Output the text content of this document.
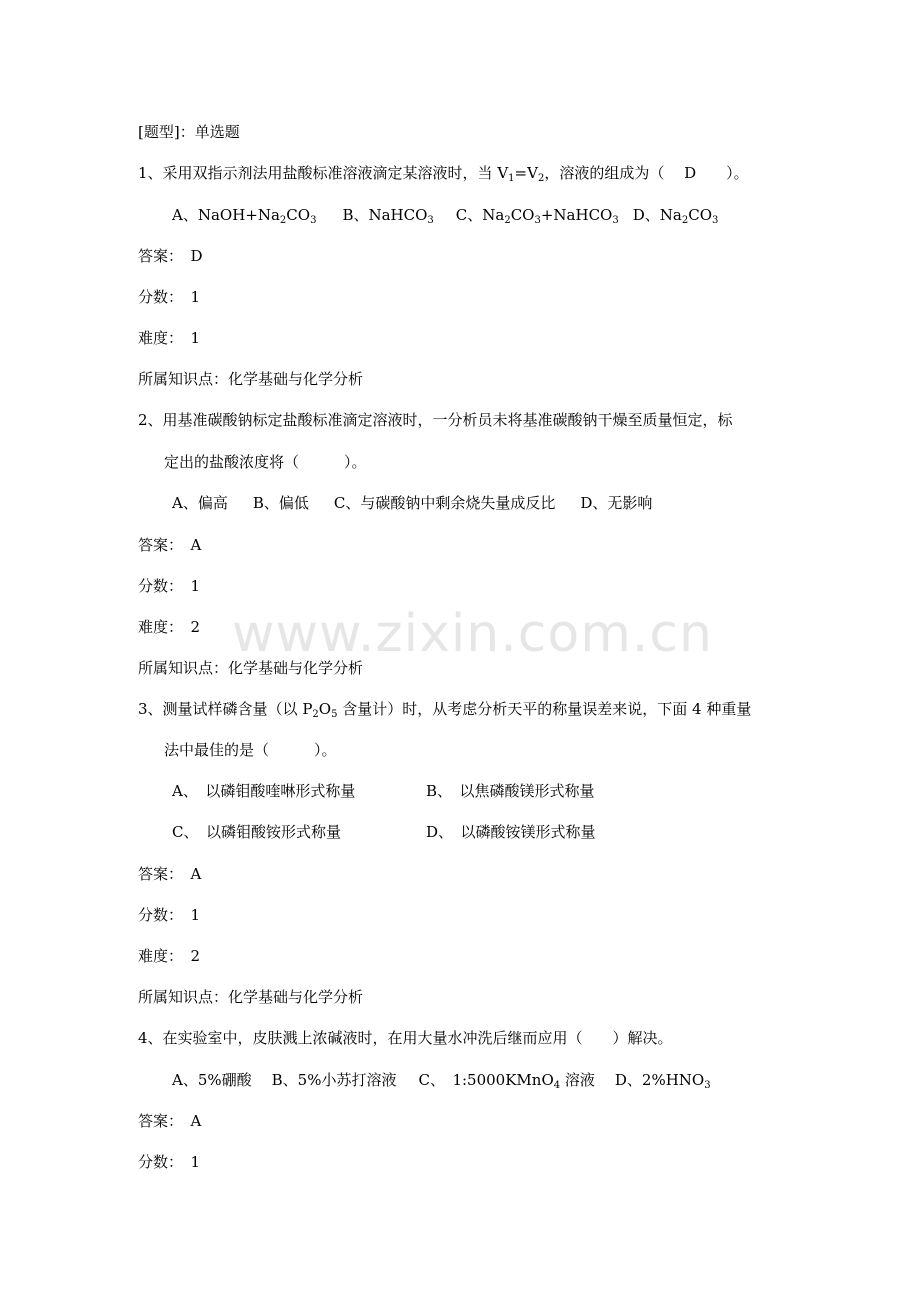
www.zixin.com.cn
[题型]：单选题
1、采用双指示剂法用盐酸标准溶液滴定某溶液时，当 $V_1=V_2$，溶液的组成为（　 D　　）。
A、$NaOH+Na_2CO_3$ B、NaHCO$_3$ C、$Na_2CO_3+NaHCO_3$ D、$Na_2CO_3$
答案：　D
分数：　1
难度：　1
所属知识点：化学基础与化学分析
2、用基准碳酸钠标定盐酸标准滴定溶液时，一分析员未将基准碳酸钠干燥至质量恒定，标
定出的盐酸浓度将（　　　）。
A、偏高 B、偏低 C、与碳酸钠中剩余烧失量成反比 D、无影响
答案：　A
分数：　1
难度：　2
所属知识点：化学基础与化学分析
3、测量试样磷含量（以 $P_2O_5$ 含量计）时，从考虑分析天平的称量误差来说，下面 4 种重量
法中最佳的是（　　　）。
A、　以磷钼酸喹啉形式称量	B、　以焦磷酸镁形式称量
C、　以磷钼酸铵形式称量	D、　以磷酸铵镁形式称量
答案：　A
分数：　1
难度：　2
所属知识点：化学基础与化学分析
4、在实验室中，皮肤溅上浓碱液时，在用大量水冲洗后继而应用（　　）解决。
A、5%硼酸 B、5%小苏打溶液 C、　1:5000KMnO$_4$ 溶液 D、$2\%HNO_3$
答案：　A
分数：　1
